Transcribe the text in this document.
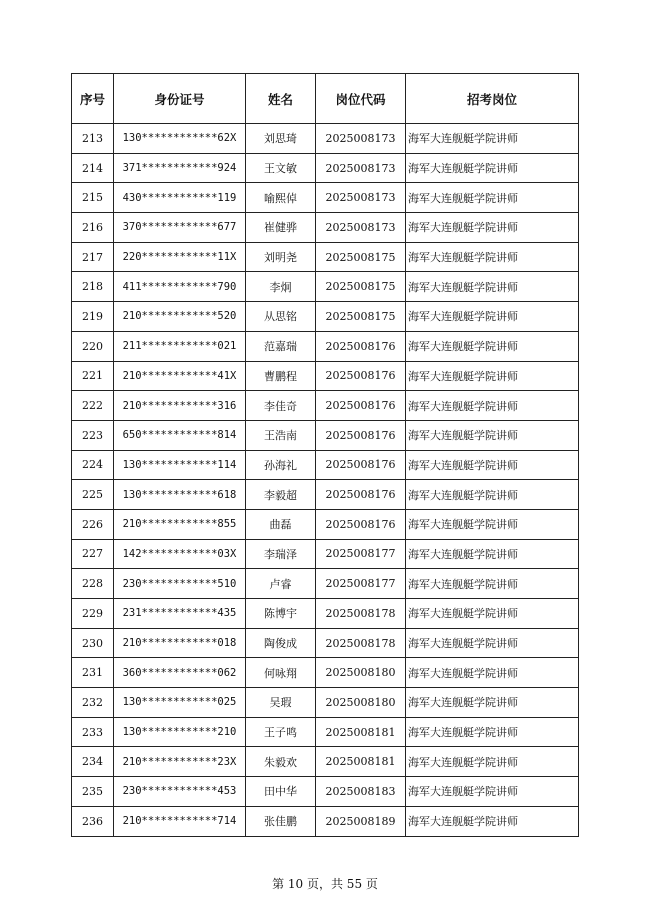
序号	身份证号	姓名	岗位代码	招考岗位
213	130************62X	刘思琦	2025008173	海军大连舰艇学院讲师
214	371************924	王文敏	2025008173	海军大连舰艇学院讲师
215	430************119	喻熙倬	2025008173	海军大连舰艇学院讲师
216	370************677	崔健骅	2025008173	海军大连舰艇学院讲师
217	220************11X	刘明尧	2025008175	海军大连舰艇学院讲师
218	411************790	李炯	2025008175	海军大连舰艇学院讲师
219	210************520	从思铭	2025008175	海军大连舰艇学院讲师
220	211************021	范嘉瑞	2025008176	海军大连舰艇学院讲师
221	210************41X	曹鹏程	2025008176	海军大连舰艇学院讲师
222	210************316	李佳奇	2025008176	海军大连舰艇学院讲师
223	650************814	王浩南	2025008176	海军大连舰艇学院讲师
224	130************114	孙海礼	2025008176	海军大连舰艇学院讲师
225	130************618	李毅超	2025008176	海军大连舰艇学院讲师
226	210************855	曲磊	2025008176	海军大连舰艇学院讲师
227	142************03X	李瑞泽	2025008177	海军大连舰艇学院讲师
228	230************510	卢睿	2025008177	海军大连舰艇学院讲师
229	231************435	陈博宇	2025008178	海军大连舰艇学院讲师
230	210************018	陶俊成	2025008178	海军大连舰艇学院讲师
231	360************062	何咏翔	2025008180	海军大连舰艇学院讲师
232	130************025	吴瑕	2025008180	海军大连舰艇学院讲师
233	130************210	王子鸣	2025008181	海军大连舰艇学院讲师
234	210************23X	朱毅欢	2025008181	海军大连舰艇学院讲师
235	230************453	田中华	2025008183	海军大连舰艇学院讲师
236	210************714	张佳鹏	2025008189	海军大连舰艇学院讲师
第 10 页，共 55 页
